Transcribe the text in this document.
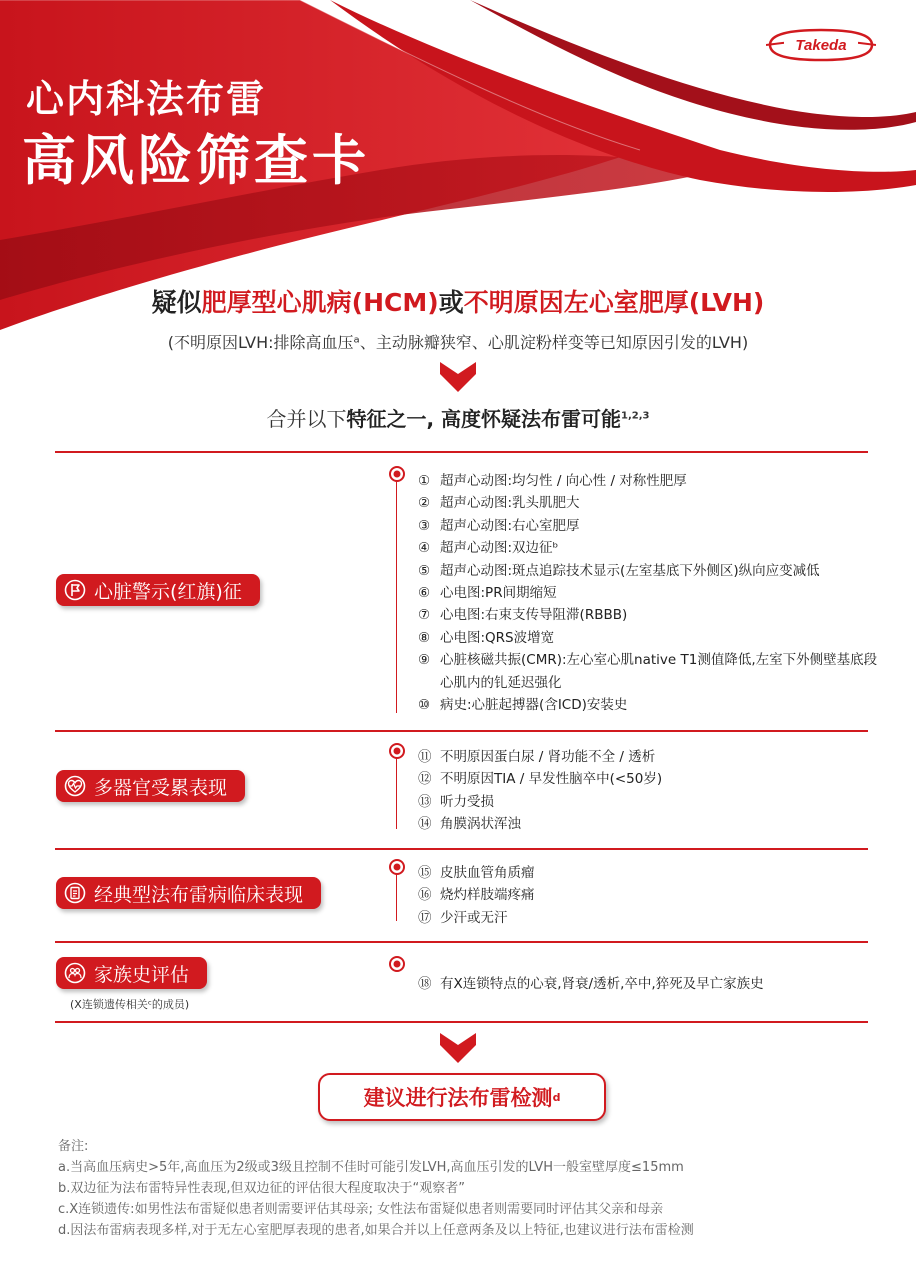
心内科法布雷
高风险筛查卡
Takeda
疑似肥厚型心肌病(HCM)或不明原因左心室肥厚(LVH)
(不明原因LVH:排除高血压ᵃ、主动脉瓣狭窄、心肌淀粉样变等已知原因引发的LVH)
合并以下特征之一, 高度怀疑法布雷可能$^{1,2,3}$
心脏警示(红旗)征
多器官受累表现
经典型法布雷病临床表现
家族史评估
(X连锁遗传相关ᶜ的成员)
① 超声心动图:均匀性 / 向心性 / 对称性肥厚
② 超声心动图:乳头肌肥大
③ 超声心动图:右心室肥厚
④ 超声心动图:双边征ᵇ
⑤ 超声心动图:斑点追踪技术显示(左室基底下外侧区)纵向应变减低
⑥ 心电图:PR间期缩短
⑦ 心电图:右束支传导阻滞(RBBB)
⑧ 心电图:QRS波增宽
⑨ 心脏核磁共振(CMR):左心室心肌native T1测值降低,左室下外侧壁基底段心肌内的钆延迟强化
⑩ 病史:心脏起搏器(含ICD)安装史
⑪ 不明原因蛋白尿 / 肾功能不全 / 透析
⑫ 不明原因TIA / 早发性脑卒中(<50岁)
⑬ 听力受损
⑭ 角膜涡状浑浊
⑮ 皮肤血管角质瘤
⑯ 烧灼样肢端疼痛
⑰ 少汗或无汗
⑱ 有X连锁特点的心衰,肾衰/透析,卒中,猝死及早亡家族史
建议进行法布雷检测 d
备注:
a.当高血压病史>5年,高血压为2级或3级且控制不佳时可能引发LVH,高血压引发的LVH一般室壁厚度≤15mm
b.双边征为法布雷特异性表现,但双边征的评估很大程度取决于“观察者”
c.X连锁遗传:如男性法布雷疑似患者则需要评估其母亲; 女性法布雷疑似患者则需要同时评估其父亲和母亲
d.因法布雷病表现多样,对于无左心室肥厚表现的患者,如果合并以上任意两条及以上特征,也建议进行法布雷检测
